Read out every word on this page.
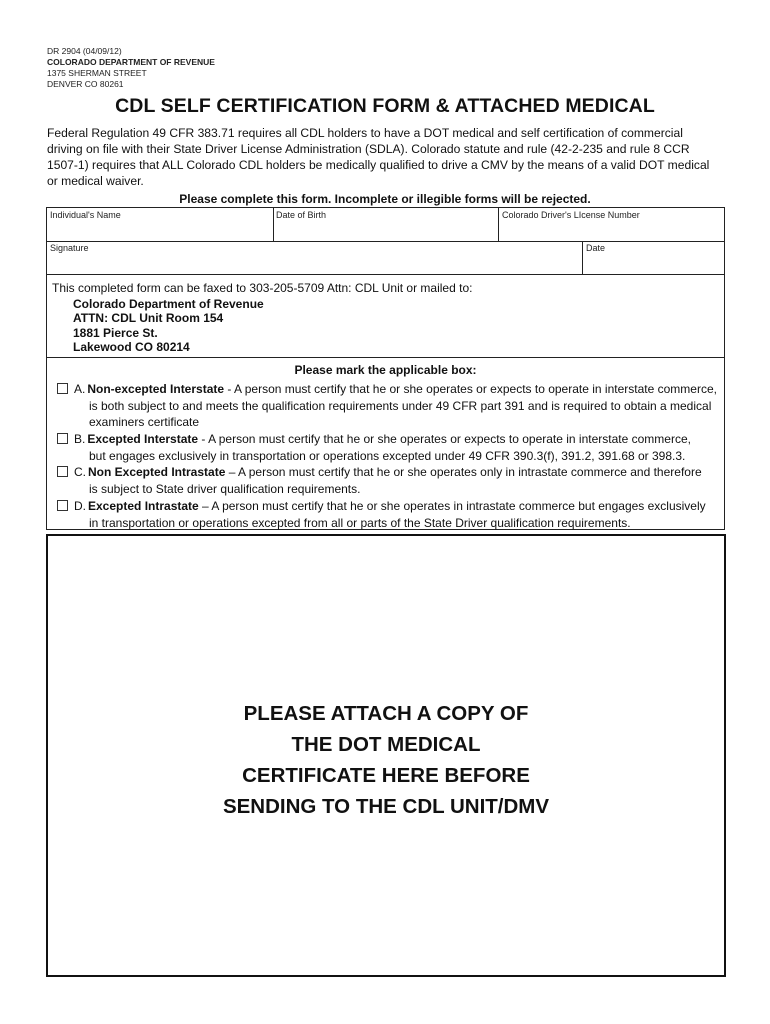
DR 2904 (04/09/12)
COLORADO DEPARTMENT OF REVENUE
1375 SHERMAN STREET
DENVER CO 80261
CDL SELF CERTIFICATION FORM & ATTACHED MEDICAL
Federal Regulation 49 CFR 383.71 requires all CDL holders to have a DOT medical and self certification of commercial
driving on file with their State Driver License Administration (SDLA). Colorado statute and rule (42-2-235 and rule 8 CCR
1507-1) requires that ALL Colorado CDL holders be medically qualified to drive a CMV by the means of a valid DOT medical
or medical waiver.
Please complete this form. Incomplete or illegible forms will be rejected.
Individual's Name	Date of Birth	Colorado Driver's LIcense Number
Signature	Date
This completed form can be faxed to 303-205-5709 Attn: CDL Unit or mailed to:
Colorado Department of Revenue
ATTN: CDL Unit Room 154
1881 Pierce St.
Lakewood CO 80214
Please mark the applicable box:
A. Non-excepted Interstate - A person must certify that he or she operates or expects to operate in interstate commerce,
is both subject to and meets the qualification requirements under 49 CFR part 391 and is required to obtain a medical
examiners certificate
B. Excepted Interstate - A person must certify that he or she operates or expects to operate in interstate commerce,
but engages exclusively in transportation or operations excepted under 49 CFR 390.3(f), 391.2, 391.68 or 398.3.
C. Non Excepted Intrastate – A person must certify that he or she operates only in intrastate commerce and therefore
is subject to State driver qualification requirements.
D. Excepted Intrastate – A person must certify that he or she operates in intrastate commerce but engages exclusively
in transportation or operations excepted from all or parts of the State Driver qualification requirements.
PLEASE ATTACH A COPY OF
THE DOT MEDICAL
CERTIFICATE HERE BEFORE
SENDING TO THE CDL UNIT/DMV
